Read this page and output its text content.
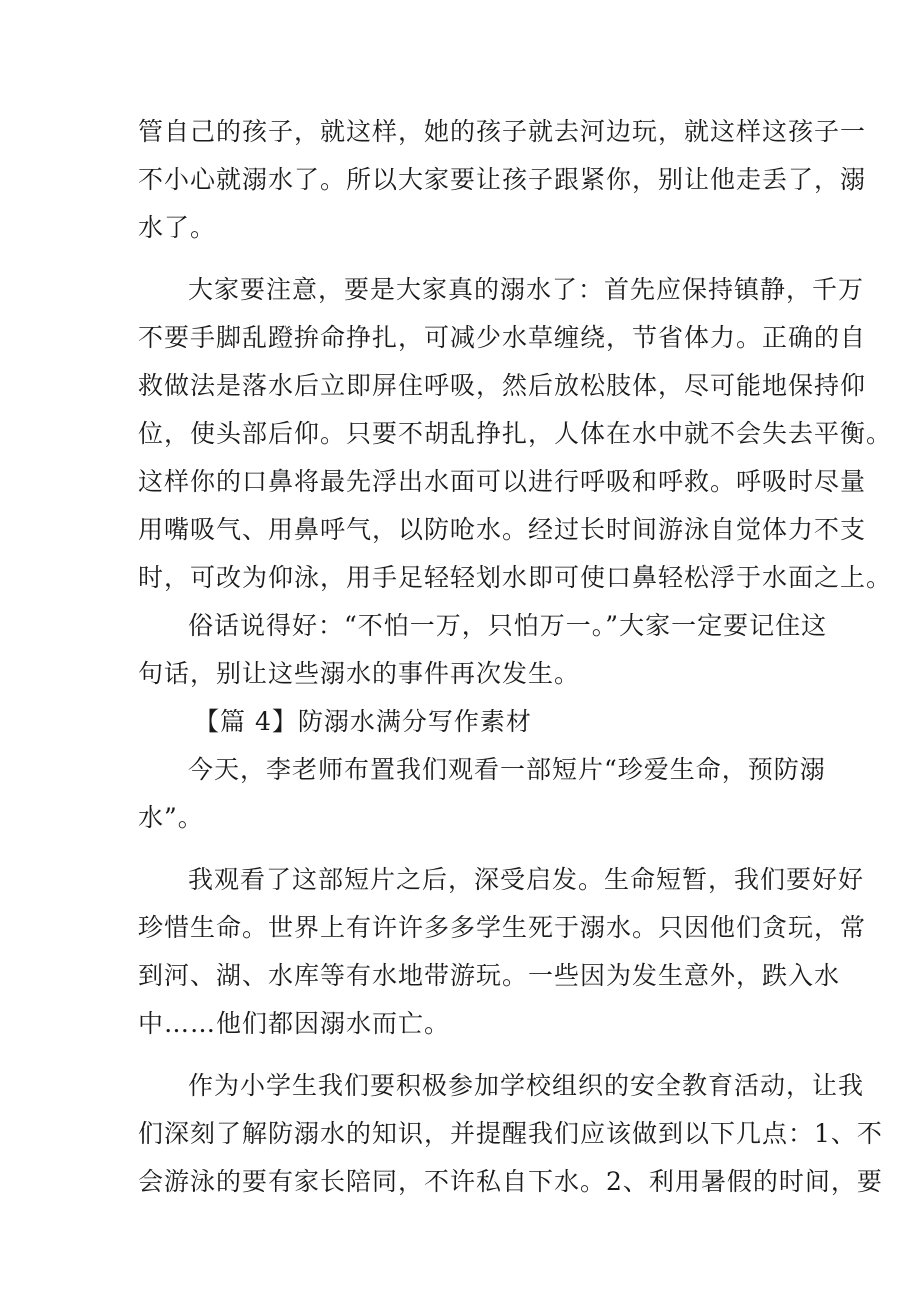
管自己的孩子，就这样，她的孩子就去河边玩，就这样这孩子一
不小心就溺水了。所以大家要让孩子跟紧你，别让他走丢了，溺
水了。

大家要注意，要是大家真的溺水了：首先应保持镇静，千万
不要手脚乱蹬拚命挣扎，可减少水草缠绕，节省体力。正确的自
救做法是落水后立即屏住呼吸，然后放松肢体，尽可能地保持仰
位，使头部后仰。只要不胡乱挣扎，人体在水中就不会失去平衡。
这样你的口鼻将最先浮出水面可以进行呼吸和呼救。呼吸时尽量
用嘴吸气、用鼻呼气，以防呛水。经过长时间游泳自觉体力不支
时，可改为仰泳，用手足轻轻划水即可使口鼻轻松浮于水面之上。

俗话说得好：“不怕一万，只怕万一。”大家一定要记住这
句话，别让这些溺水的事件再次发生。

【篇 4】防溺水满分写作素材

今天，李老师布置我们观看一部短片“珍爱生命，预防溺
水”。

我观看了这部短片之后，深受启发。生命短暂，我们要好好
珍惜生命。世界上有许许多多学生死于溺水。只因他们贪玩，常
到河、湖、水库等有水地带游玩。一些因为发生意外，跌入水
中……他们都因溺水而亡。

作为小学生我们要积极参加学校组织的安全教育活动，让我
们深刻了解防溺水的知识，并提醒我们应该做到以下几点：1、不
会游泳的要有家长陪同，不许私自下水。2、利用暑假的时间，要
